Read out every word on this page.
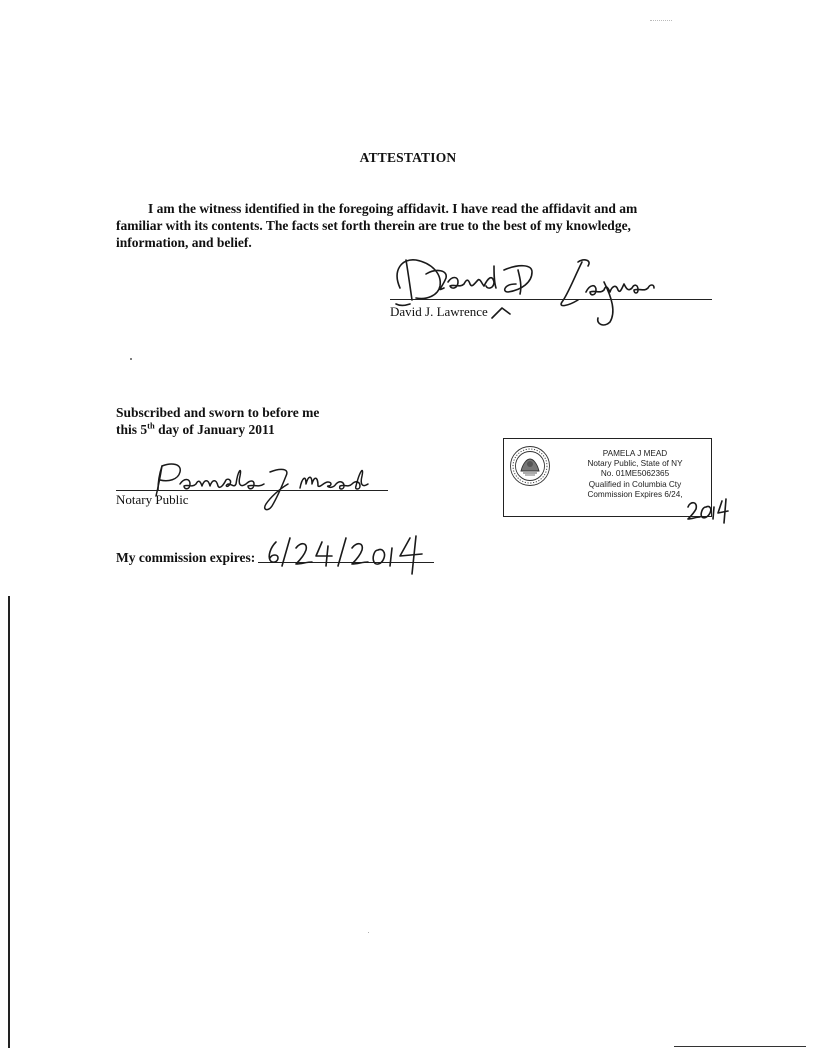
ATTESTATION

I am the witness identified in the foregoing affidavit. I have read the affidavit and am
familiar with its contents. The facts set forth therein are true to the best of my knowledge,
information, and belief.

David J. Lawrence

Subscribed and sworn to before me
this 5th day of January 2011

Notary Public

My commission expires:

PAMELA J MEAD
Notary Public, State of NY
No. 01ME5062365
Qualified in Columbia Cty
Commission Expires 6/24,
